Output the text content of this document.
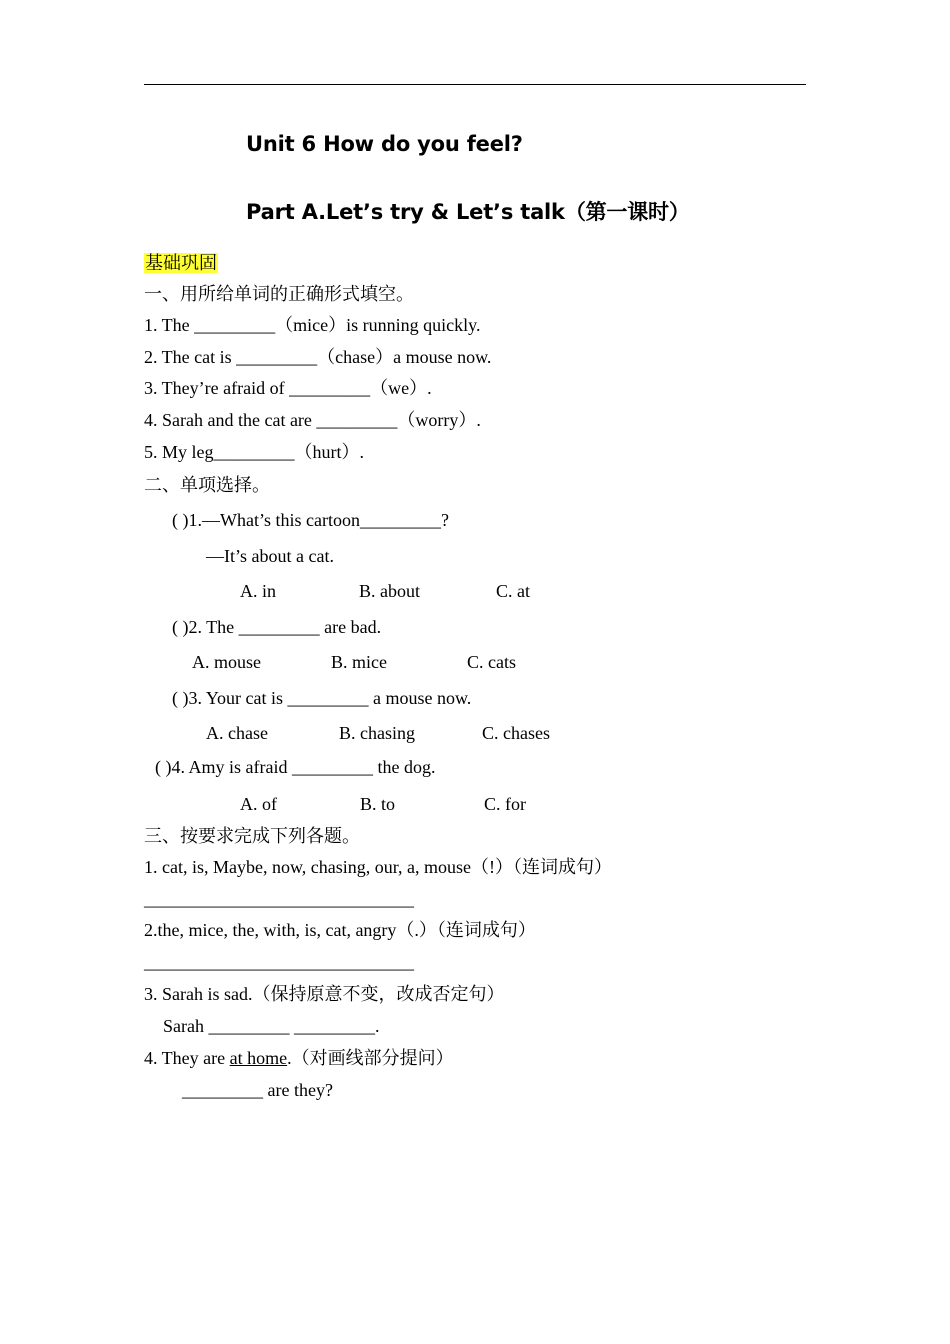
Unit 6 How do you feel?
Part A.Let’s try & Let’s talk（第一课时）
基础巩固
一、用所给单词的正确形式填空。
1. The _________（mice）is running quickly.
2. The cat is _________（chase）a mouse now.
3. They’re afraid of _________（we）.
4. Sarah and the cat are _________（worry）.
5. My leg_________（hurt）.
二、单项选择。
( )1.—What’s this cartoon_________?
—It’s about a cat.
A. in	B. about	C. at
( )2. The _________ are bad.
A. mouse	B. mice	C. cats
( )3. Your cat is _________ a mouse now.
A. chase	B. chasing	C. chases
( )4. Amy is afraid _________ the dog.
A. of	B. to	C. for
三、按要求完成下列各题。
1. cat, is, Maybe, now, chasing, our, a, mouse（!）（连词成句）
______________________________
2.the, mice, the, with, is, cat, angry（.）（连词成句）
______________________________
3. Sarah is sad.（保持原意不变，改成否定句）
Sarah _________ _________.
4. They are at home.（对画线部分提问）
_________ are they?
